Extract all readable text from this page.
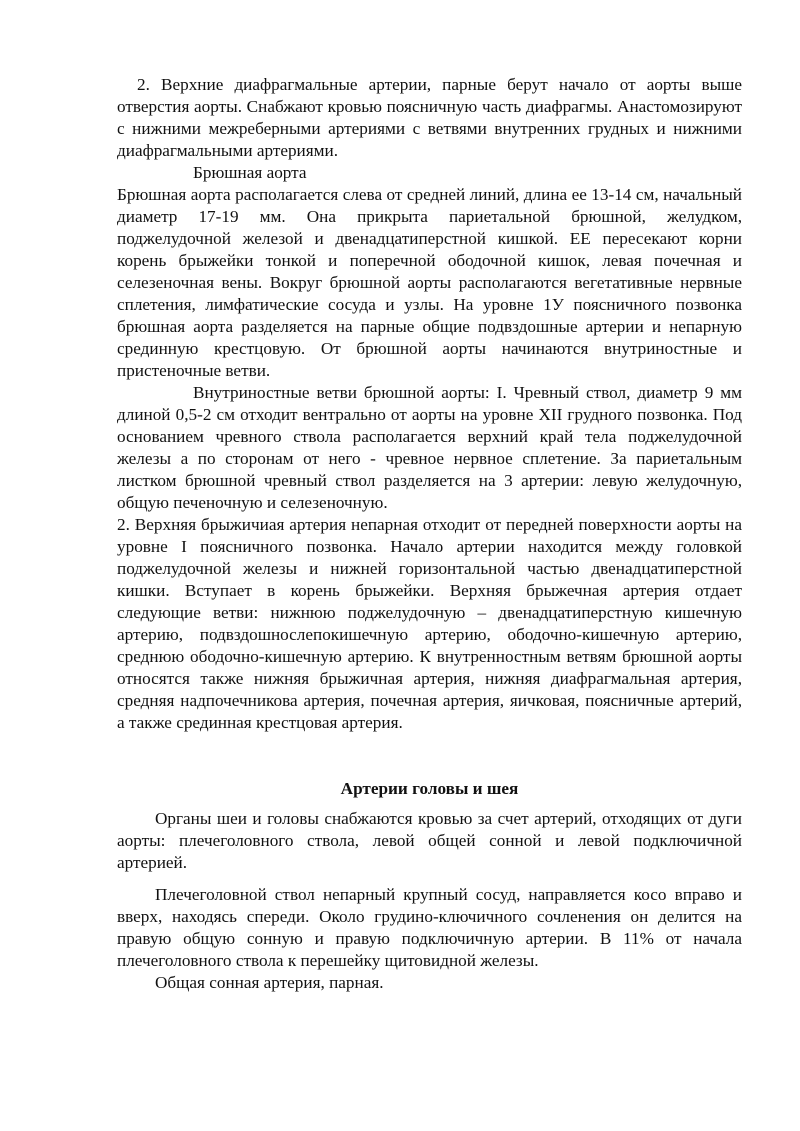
2. Верхние диафрагмальные артерии, парные берут начало от аорты выше отверстия аорты. Снабжают кровью поясничную часть диафрагмы. Анастомозируют с нижними межреберными артериями с ветвями внутренних грудных и нижними диафрагмальными артериями.

Брюшная аорта

Брюшная аорта располагается слева от средней линий, длина ее 13-14 см, начальный диаметр 17-19 мм. Она прикрыта париетальной брюшной, желудком, поджелудочной железой и двенадцатиперстной кишкой. ЕЕ пересекают корни корень брыжейки тонкой и поперечной ободочной кишок, левая почечная и селезеночная вены. Вокруг брюшной аорты располагаются вегетативные нервные сплетения, лимфатические сосуда и узлы. На уровне 1У поясничного позвонка брюшная аорта разделяется на парные общие подвздошные артерии и непарную срединную крестцовую. От брюшной аорты начинаются внутриностные и пристеночные ветви.

Внутриностные ветви брюшной аорты: I. Чревный ствол, диаметр 9 мм длиной 0,5-2 см отходит вентрально от аорты на уровне XII грудного позвонка. Под основанием чревного ствола располагается верхний край тела поджелудочной железы а по сторонам от него - чревное нервное сплетение. За париетальным листком брюшной чревный ствол разделяется на 3 артерии: левую желудочную, общую печеночную и селезеночную.

2. Верхняя брыжичиая артерия непарная отходит от передней поверхности аорты на уровне I поясничного позвонка. Начало артерии находится между головкой поджелудочной железы и нижней горизонтальной частью двенадцатиперстной кишки. Вступает в корень брыжейки. Верхняя брыжечная артерия отдает следующие ветви: нижнюю поджелудочную – двенадцатиперстную кишечную артерию, подвздошнослепокишечную артерию, ободочно-кишечную артерию, среднюю ободочно-кишечную артерию. К внутренностным ветвям брюшной аорты относятся также нижняя брыжичная артерия, нижняя диафрагмальная артерия, средняя надпочечникова артерия, почечная артерия, яичковая, поясничные артерий, а также срединная крестцовая артерия.

Артерии головы и шея

Органы шеи и головы снабжаются кровью за счет артерий, отходящих от дуги аорты: плечеголовного ствола, левой общей сонной и левой подключичной артерией.

Плечеголовной ствол непарный крупный сосуд, направляется косо вправо и вверх, находясь спереди. Около грудино-ключичного сочленения он делится на правую общую сонную и правую подключичную артерии. В 11% от начала плечеголовного ствола к перешейку щитовидной железы.

Общая сонная артерия, парная.
